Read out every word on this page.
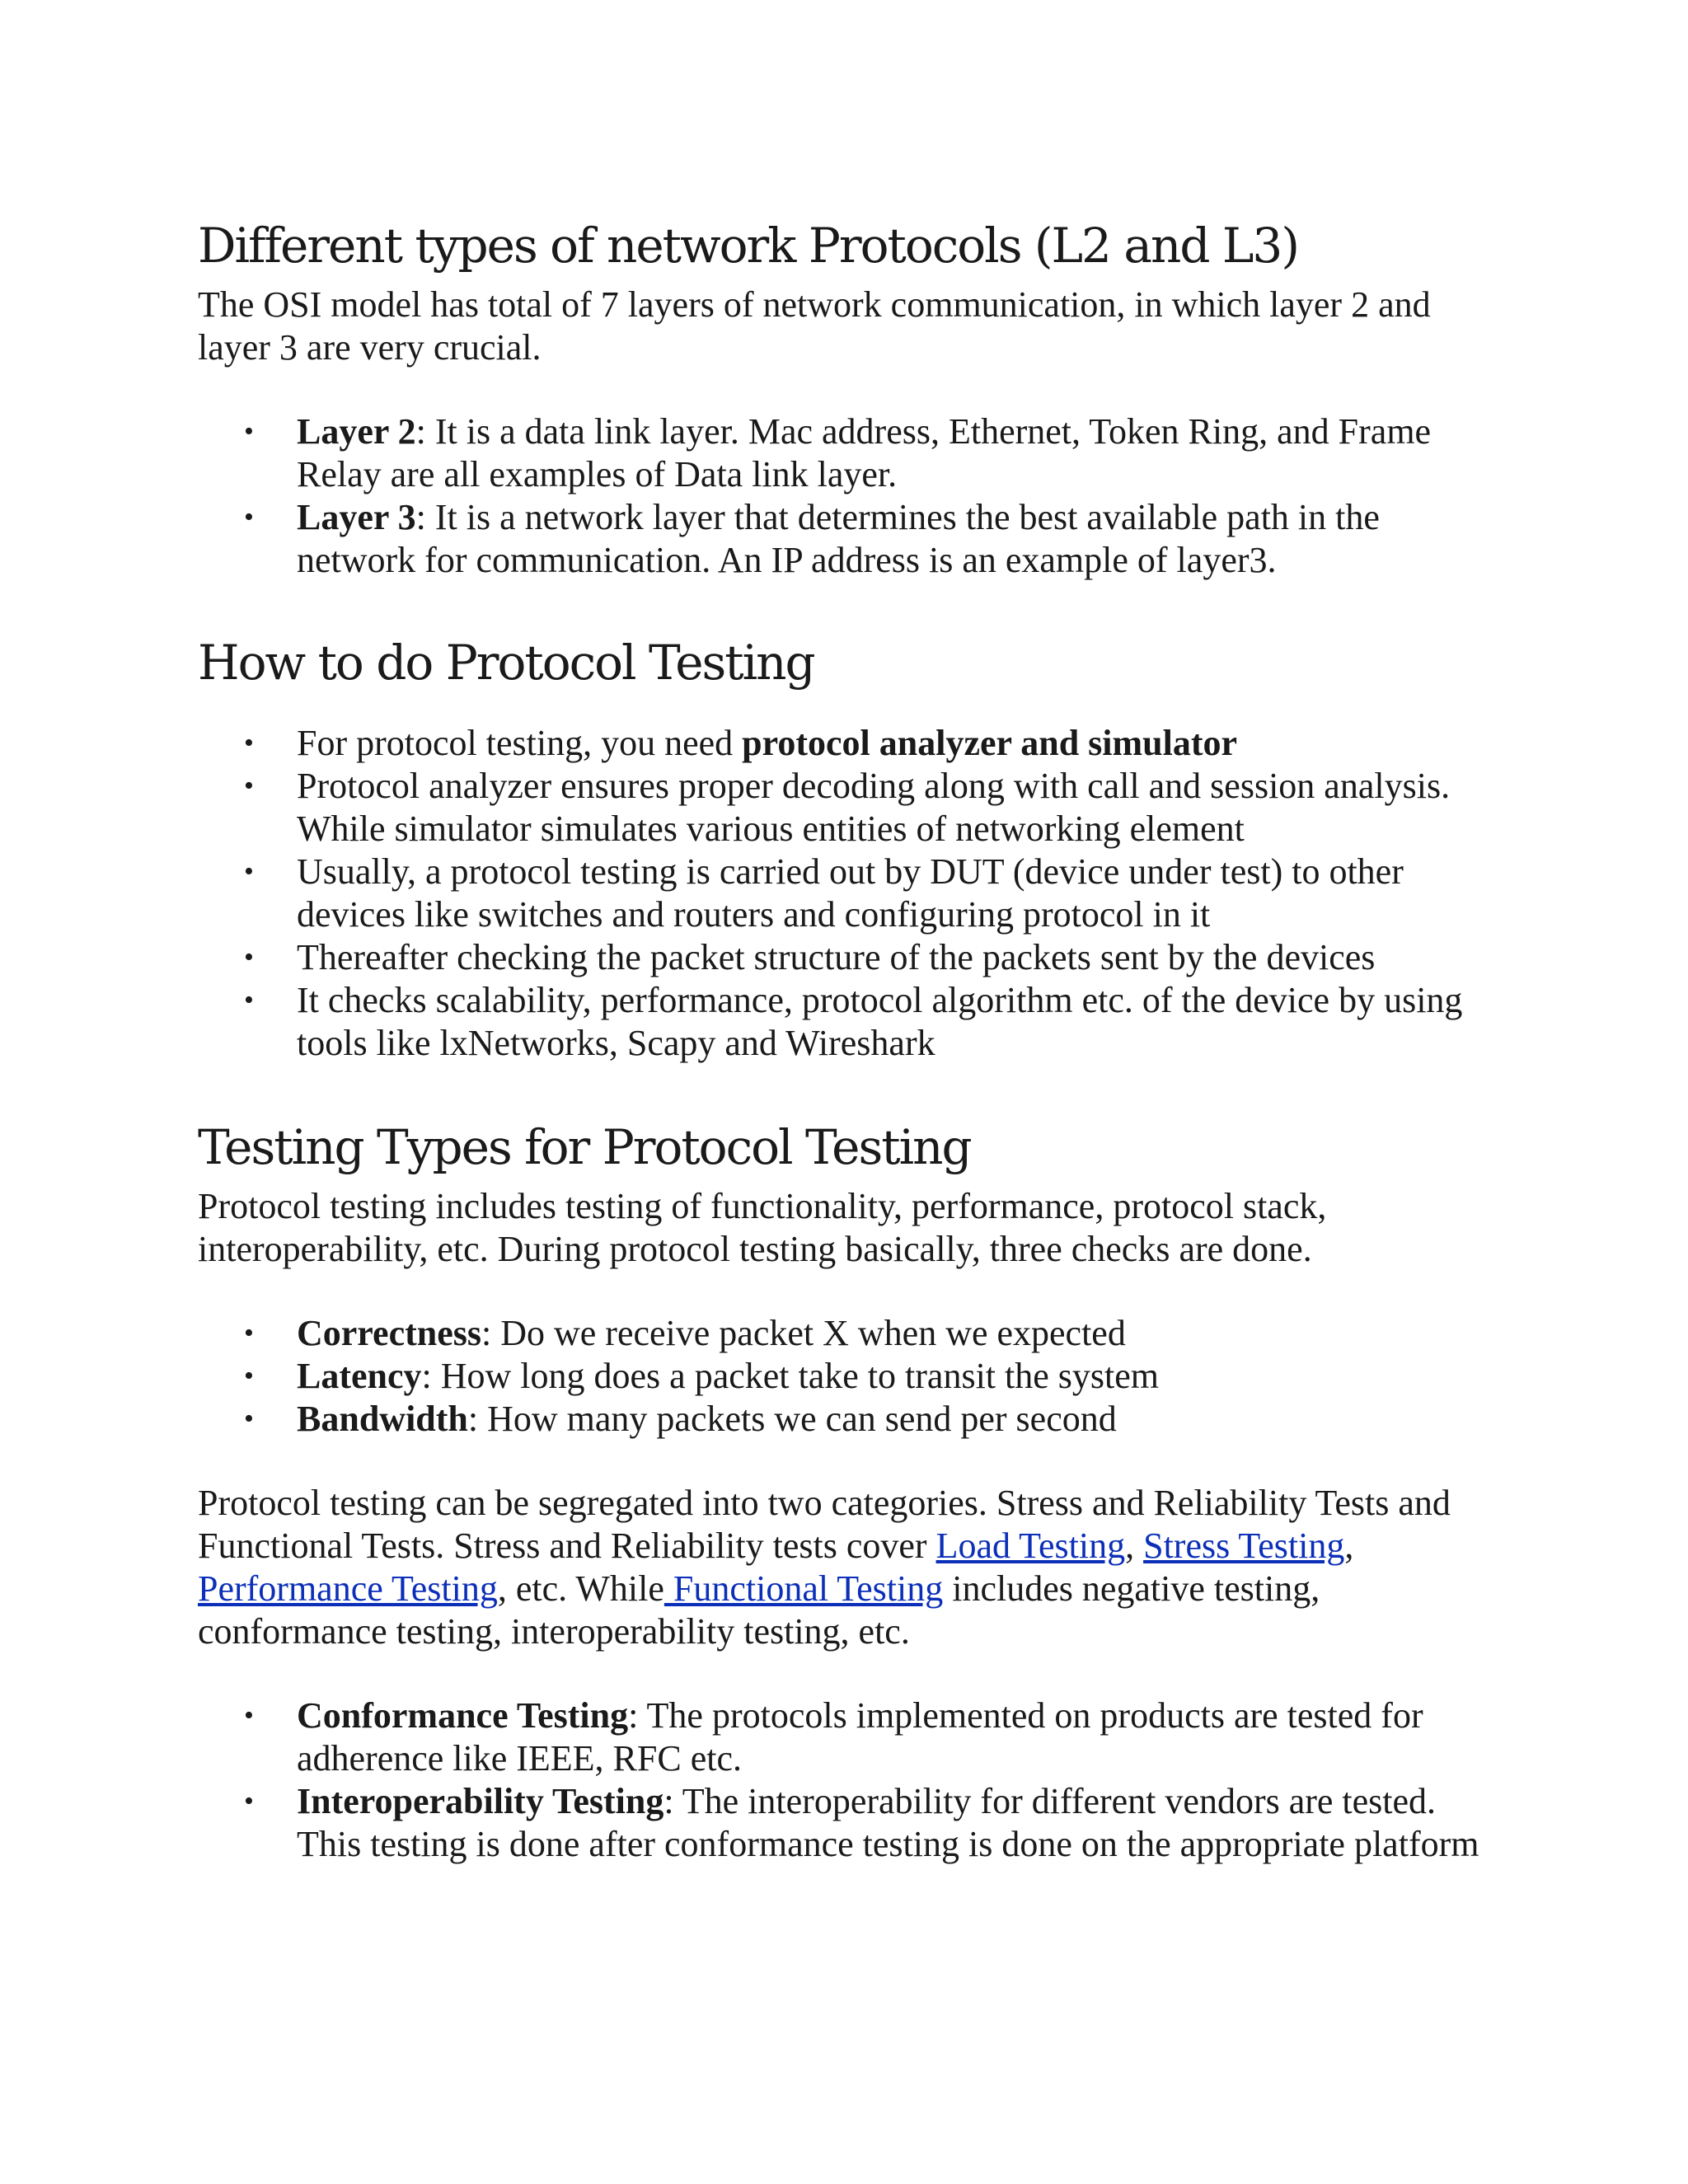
Different types of network Protocols (L2 and L3)

The OSI model has total of 7 layers of network communication, in which layer 2 and layer 3 are very crucial.

• Layer 2: It is a data link layer. Mac address, Ethernet, Token Ring, and Frame Relay are all examples of Data link layer.
• Layer 3: It is a network layer that determines the best available path in the network for communication. An IP address is an example of layer3.
How to do Protocol Testing
• For protocol testing, you need protocol analyzer and simulator
• Protocol analyzer ensures proper decoding along with call and session analysis. While simulator simulates various entities of networking element
• Usually, a protocol testing is carried out by DUT (device under test) to other devices like switches and routers and configuring protocol in it
• Thereafter checking the packet structure of the packets sent by the devices
• It checks scalability, performance, protocol algorithm etc. of the device by using tools like lxNetworks, Scapy and Wireshark
Testing Types for Protocol Testing

Protocol testing includes testing of functionality, performance, protocol stack, interoperability, etc. During protocol testing basically, three checks are done.

• Correctness: Do we receive packet X when we expected
• Latency: How long does a packet take to transit the system
• Bandwidth: How many packets we can send per second

Protocol testing can be segregated into two categories. Stress and Reliability Tests and Functional Tests. Stress and Reliability tests cover Load Testing, Stress Testing, Performance Testing, etc. While Functional Testing includes negative testing, conformance testing, interoperability testing, etc.

• Conformance Testing: The protocols implemented on products are tested for adherence like IEEE, RFC etc.
• Interoperability Testing: The interoperability for different vendors are tested. This testing is done after conformance testing is done on the appropriate platform
